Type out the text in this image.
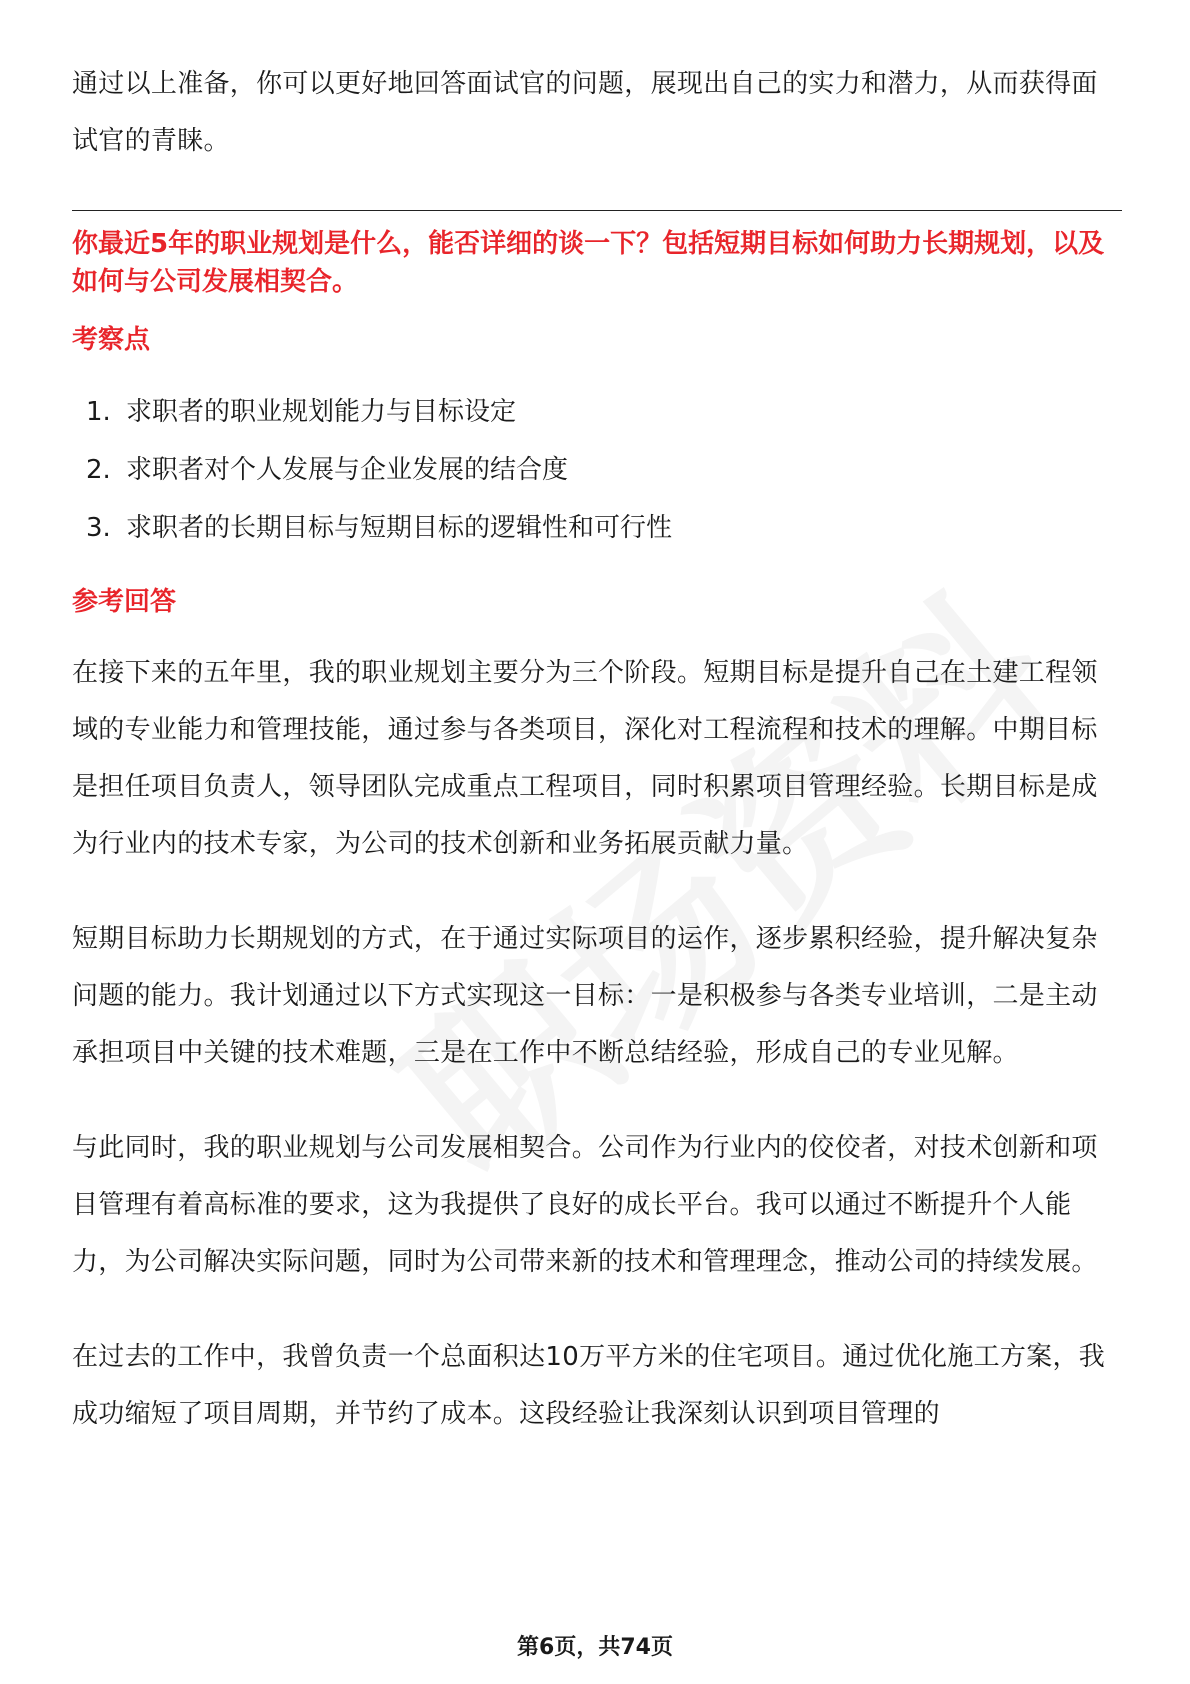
通过以上准备，你可以更好地回答面试官的问题，展现出自己的实力和潜力，从而获得面试官的青睐。

你最近5年的职业规划是什么，能否详细的谈一下？包括短期目标如何助力长期规划，以及如何与公司发展相契合。

考察点
1. 求职者的职业规划能力与目标设定
2. 求职者对个人发展与企业发展的结合度
3. 求职者的长期目标与短期目标的逻辑性和可行性
参考回答

在接下来的五年里，我的职业规划主要分为三个阶段。短期目标是提升自己在土建工程领域的专业能力和管理技能，通过参与各类项目，深化对工程流程和技术的理解。中期目标是担任项目负责人，领导团队完成重点工程项目，同时积累项目管理经验。长期目标是成为行业内的技术专家，为公司的技术创新和业务拓展贡献力量。

短期目标助力长期规划的方式，在于通过实际项目的运作，逐步累积经验，提升解决复杂问题的能力。我计划通过以下方式实现这一目标：一是积极参与各类专业培训，二是主动承担项目中关键的技术难题，三是在工作中不断总结经验，形成自己的专业见解。

与此同时，我的职业规划与公司发展相契合。公司作为行业内的佼佼者，对技术创新和项目管理有着高标准的要求，这为我提供了良好的成长平台。我可以通过不断提升个人能力，为公司解决实际问题，同时为公司带来新的技术和管理理念，推动公司的持续发展。

在过去的工作中，我曾负责一个总面积达10万平方米的住宅项目。通过优化施工方案，我成功缩短了项目周期，并节约了成本。这段经验让我深刻认识到项目管理的

第6页，共74页
